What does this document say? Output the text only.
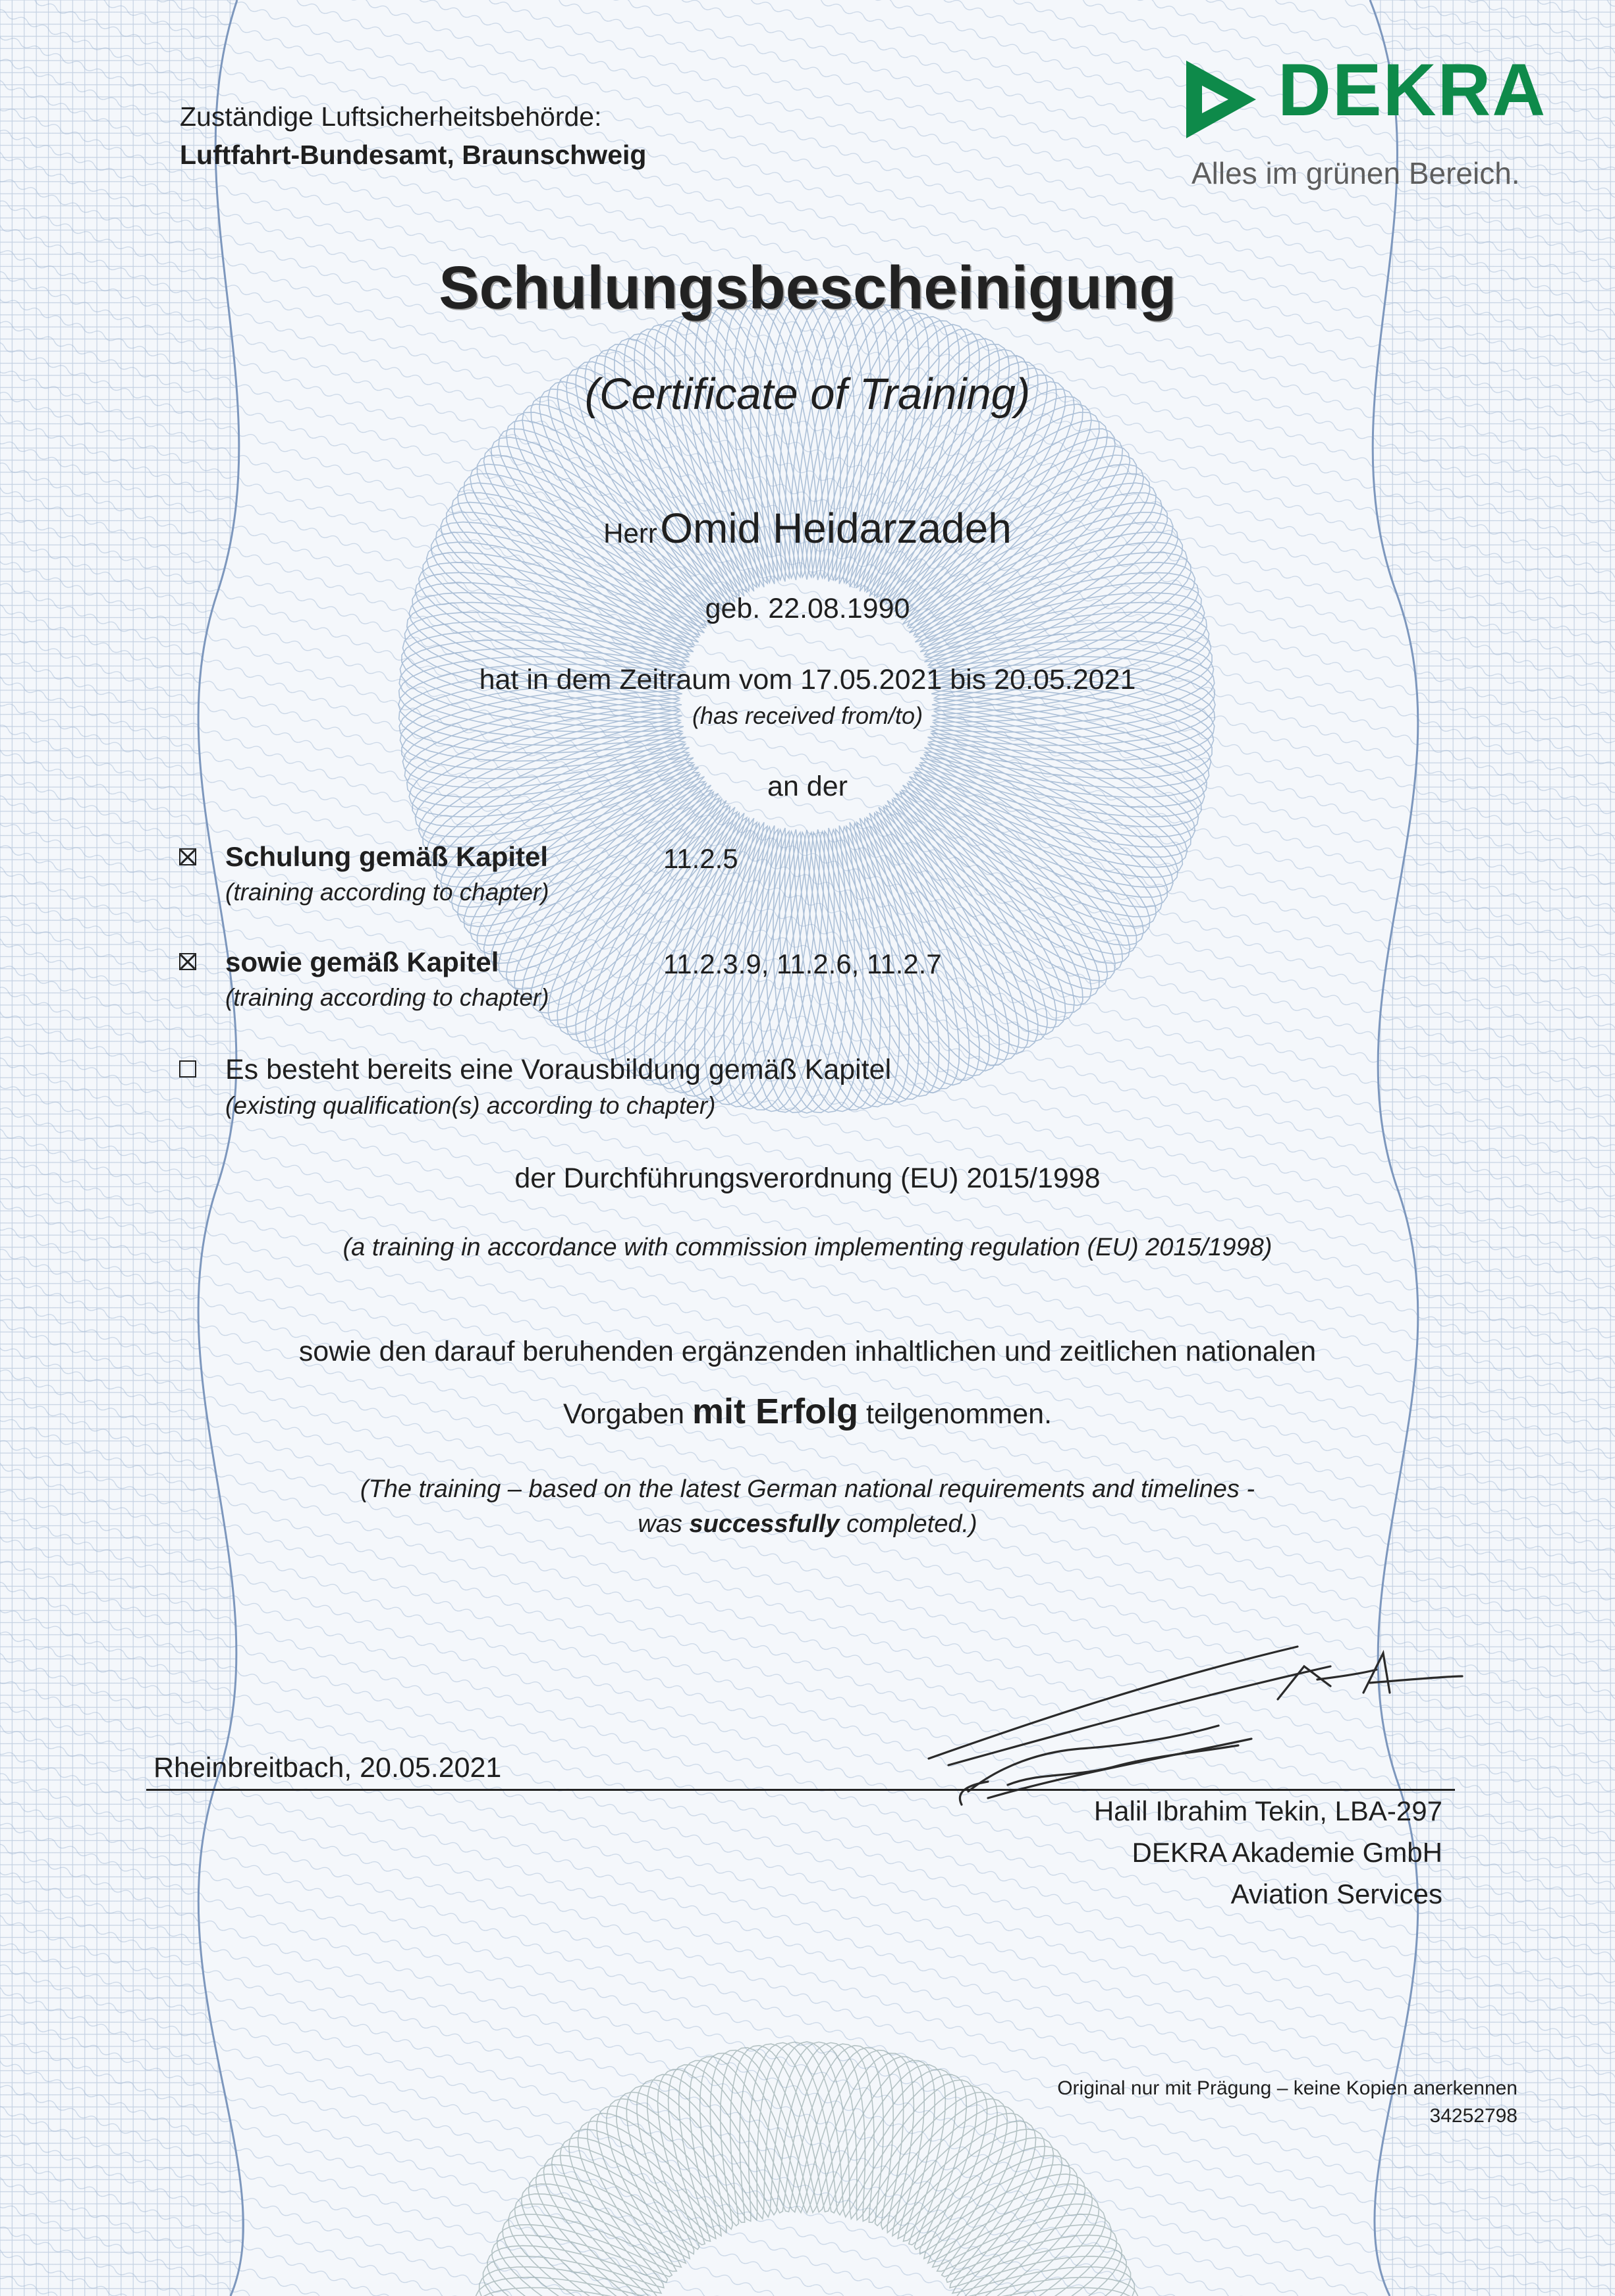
Zuständige Luftsicherheitsbehörde:
Luftfahrt-Bundesamt, Braunschweig
DEKRA
Alles im grünen Bereich.
Schulungsbescheinigung
(Certificate of Training)
Herr Omid Heidarzadeh
geb. 22.08.1990
hat in dem Zeitraum vom 17.05.2021 bis 20.05.2021
(has received from/to)
an der
Schulung gemäß Kapitel
(training according to chapter)
11.2.5
sowie gemäß Kapitel
(training according to chapter)
11.2.3.9, 11.2.6, 11.2.7
Es besteht bereits eine Vorausbildung gemäß Kapitel
(existing qualification(s) according to chapter)
der Durchführungsverordnung (EU) 2015/1998
(a training in accordance with commission implementing regulation (EU) 2015/1998)
sowie den darauf beruhenden ergänzenden inhaltlichen und zeitlichen nationalen
Vorgaben mit Erfolg teilgenommen.
(The training – based on the latest German national requirements and timelines -
was successfully completed.)
Rheinbreitbach, 20.05.2021
Halil Ibrahim Tekin, LBA-297
DEKRA Akademie GmbH
Aviation Services
Original nur mit Prägung – keine Kopien anerkennen
34252798
